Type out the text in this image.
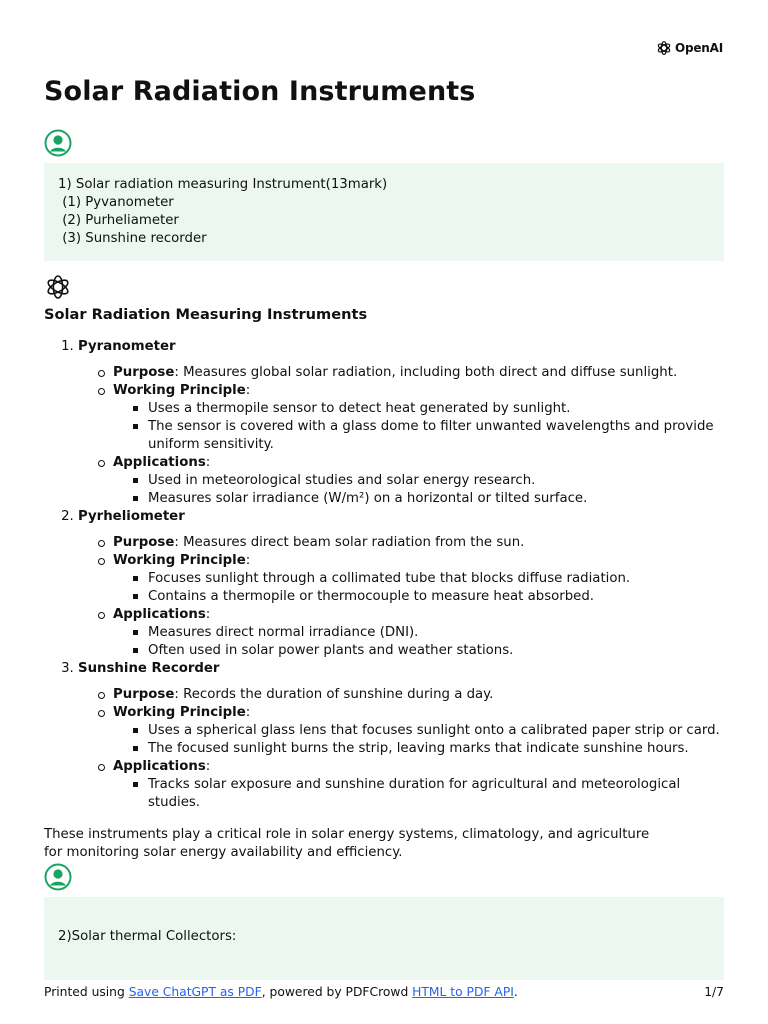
OpenAI
Solar Radiation Instruments
1) Solar radiation measuring Instrument(13mark)
(1) Pyvanometer
(2) Purheliameter
(3) Sunshine recorder
Solar Radiation Measuring Instruments
1. Pyranometer
Purpose: Measures global solar radiation, including both direct and diffuse sunlight.
Working Principle:
Uses a thermopile sensor to detect heat generated by sunlight.
The sensor is covered with a glass dome to filter unwanted wavelengths and provide uniform sensitivity.
Applications:
Used in meteorological studies and solar energy research.
Measures solar irradiance (W/m²) on a horizontal or tilted surface.
2. Pyrheliometer
Purpose: Measures direct beam solar radiation from the sun.
Working Principle:
Focuses sunlight through a collimated tube that blocks diffuse radiation.
Contains a thermopile or thermocouple to measure heat absorbed.
Applications:
Measures direct normal irradiance (DNI).
Often used in solar power plants and weather stations.
3. Sunshine Recorder
Purpose: Records the duration of sunshine during a day.
Working Principle:
Uses a spherical glass lens that focuses sunlight onto a calibrated paper strip or card.
The focused sunlight burns the strip, leaving marks that indicate sunshine hours.
Applications:
Tracks solar exposure and sunshine duration for agricultural and meteorological studies.

These instruments play a critical role in solar energy systems, climatology, and agriculture for monitoring solar energy availability and efficiency.

2)Solar thermal Collectors:
Printed using Save ChatGPT as PDF, powered by PDFCrowd HTML to PDF API.	1/7
